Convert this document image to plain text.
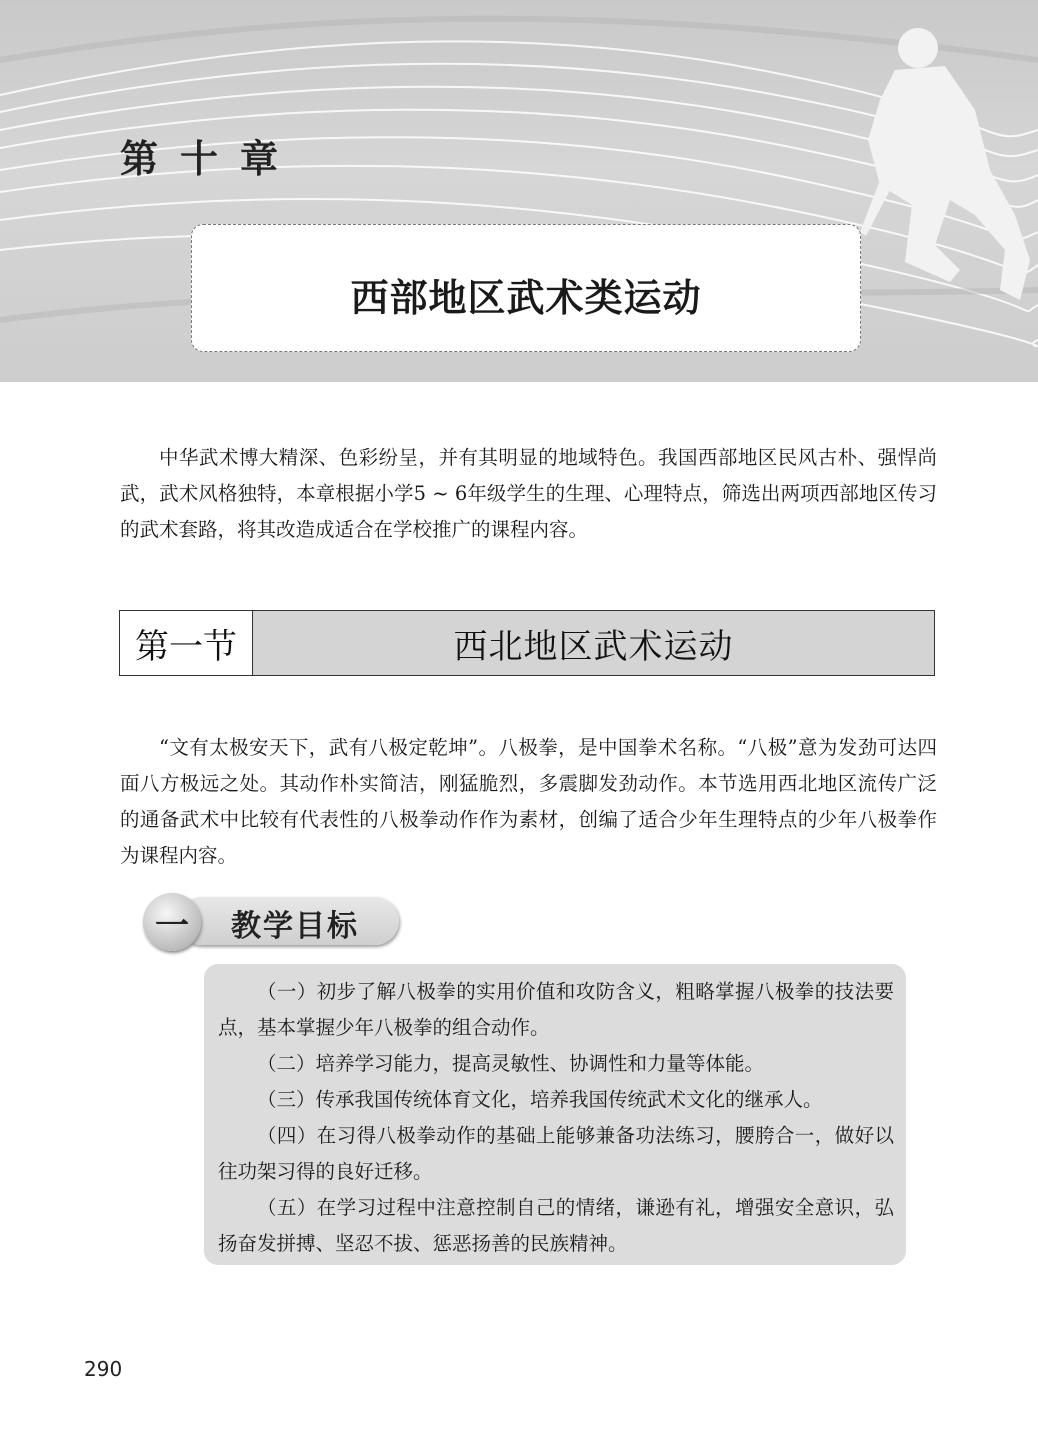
第十章
西部地区武术类运动

中华武术博大精深、色彩纷呈，并有其明显的地域特色。我国西部地区民风古朴、强悍尚武，武术风格独特，本章根据小学5 ~ 6年级学生的生理、心理特点，筛选出两项西部地区传习的武术套路，将其改造成适合在学校推广的课程内容。

第一节	西北地区武术运动

“文有太极安天下，武有八极定乾坤”。八极拳，是中国拳术名称。“八极”意为发劲可达四面八方极远之处。其动作朴实简洁，刚猛脆烈，多震脚发劲动作。本节选用西北地区流传广泛的通备武术中比较有代表性的八极拳动作作为素材，创编了适合少年生理特点的少年八极拳作为课程内容。

一	教学目标

（一）初步了解八极拳的实用价值和攻防含义，粗略掌握八极拳的技法要点，基本掌握少年八极拳的组合动作。

（二）培养学习能力，提高灵敏性、协调性和力量等体能。

（三）传承我国传统体育文化，培养我国传统武术文化的继承人。

（四）在习得八极拳动作的基础上能够兼备功法练习，腰胯合一，做好以往功架习得的良好迁移。

（五）在学习过程中注意控制自己的情绪，谦逊有礼，增强安全意识，弘扬奋发拼搏、坚忍不拔、惩恶扬善的民族精神。

290
